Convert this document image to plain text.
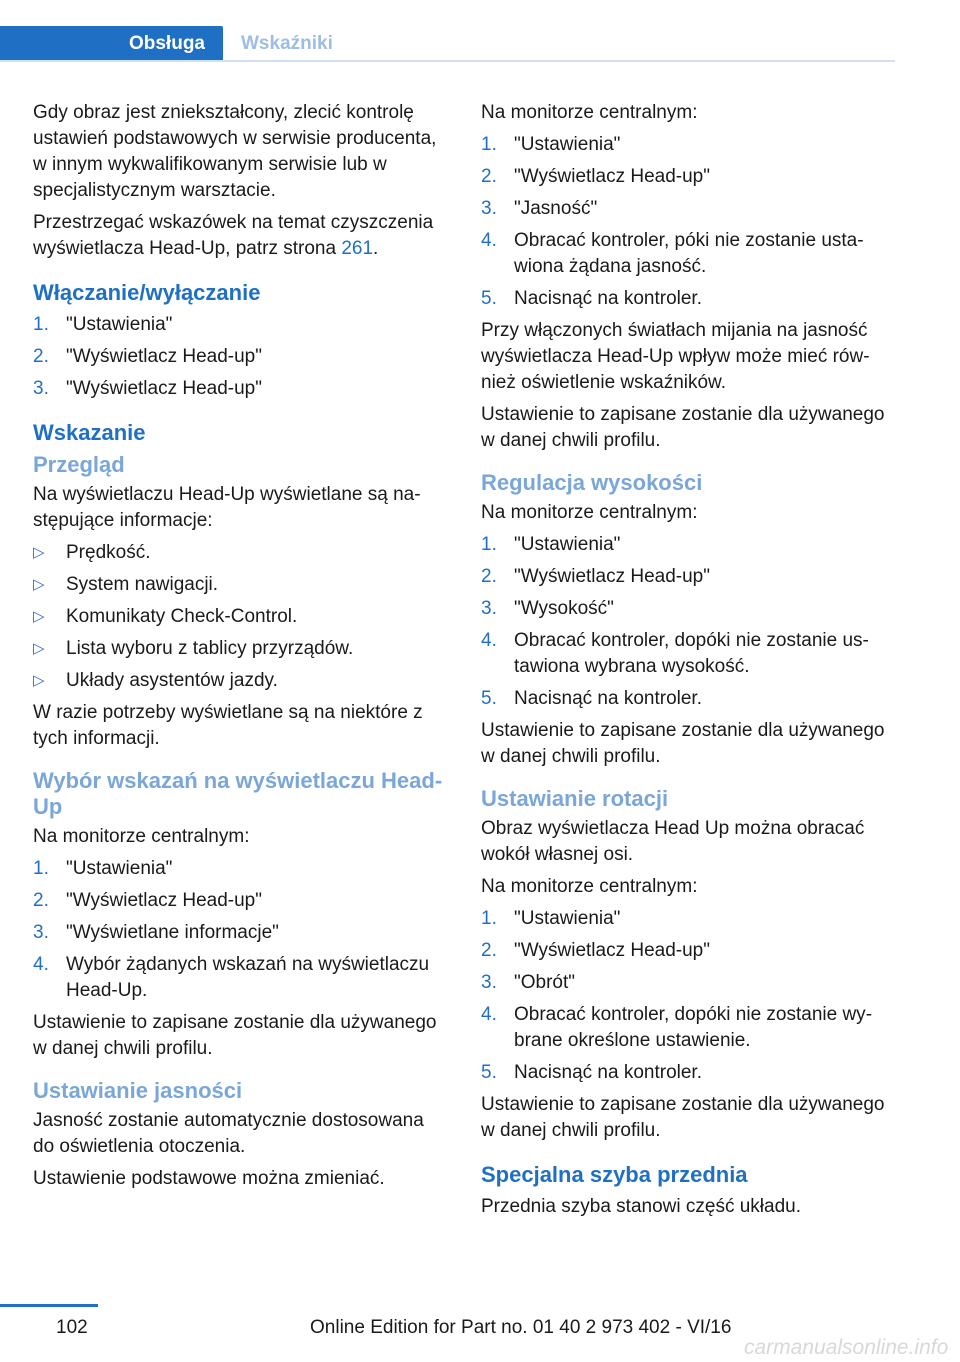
Obsługa	Wskaźniki

Gdy obraz jest zniekształcony, zlecić kontrolę ustawień podstawowych w serwisie producenta, w innym wykwalifikowanym serwisie lub w specjalistycznym warsztacie.

Przestrzegać wskazówek na temat czyszczenia wyświetlacza Head-Up, patrz strona 261.

Włączanie/wyłączanie
1. "Ustawienia"
2. "Wyświetlacz Head-up"
3. "Wyświetlacz Head-up"
Wskazanie
Przegląd

Na wyświetlaczu Head-Up wyświetlane są następujące informacje:

▷ Prędkość.
▷ System nawigacji.
▷ Komunikaty Check-Control.
▷ Lista wyboru z tablicy przyrządów.
▷ Układy asystentów jazdy.

W razie potrzeby wyświetlane są na niektóre z tych informacji.

Wybór wskazań na wyświetlaczu Head-Up

Na monitorze centralnym:

1. "Ustawienia"
2. "Wyświetlacz Head-up"
3. "Wyświetlane informacje"
4. Wybór żądanych wskazań na wyświetlaczu Head-Up.

Ustawienie to zapisane zostanie dla używanego w danej chwili profilu.

Ustawianie jasności

Jasność zostanie automatycznie dostosowana do oświetlenia otoczenia.

Ustawienie podstawowe można zmieniać.

Na monitorze centralnym:

1. "Ustawienia"
2. "Wyświetlacz Head-up"
3. "Jasność"
4. Obracać kontroler, póki nie zostanie ustawiona żądana jasność.
5. Nacisnąć na kontroler.

Przy włączonych światłach mijania na jasność wyświetlacza Head-Up wpływ może mieć również oświetlenie wskaźników.

Ustawienie to zapisane zostanie dla używanego w danej chwili profilu.

Regulacja wysokości

Na monitorze centralnym:

1. "Ustawienia"
2. "Wyświetlacz Head-up"
3. "Wysokość"
4. Obracać kontroler, dopóki nie zostanie ustawiona wybrana wysokość.
5. Nacisnąć na kontroler.

Ustawienie to zapisane zostanie dla używanego w danej chwili profilu.

Ustawianie rotacji

Obraz wyświetlacza Head Up można obracać wokół własnej osi.

Na monitorze centralnym:

1. "Ustawienia"
2. "Wyświetlacz Head-up"
3. "Obrót"
4. Obracać kontroler, dopóki nie zostanie wybrane określone ustawienie.
5. Nacisnąć na kontroler.

Ustawienie to zapisane zostanie dla używanego w danej chwili profilu.

Specjalna szyba przednia

Przednia szyba stanowi część układu.

102	Online Edition for Part no. 01 40 2 973 402 - VI/16
carmanualsonline.info
